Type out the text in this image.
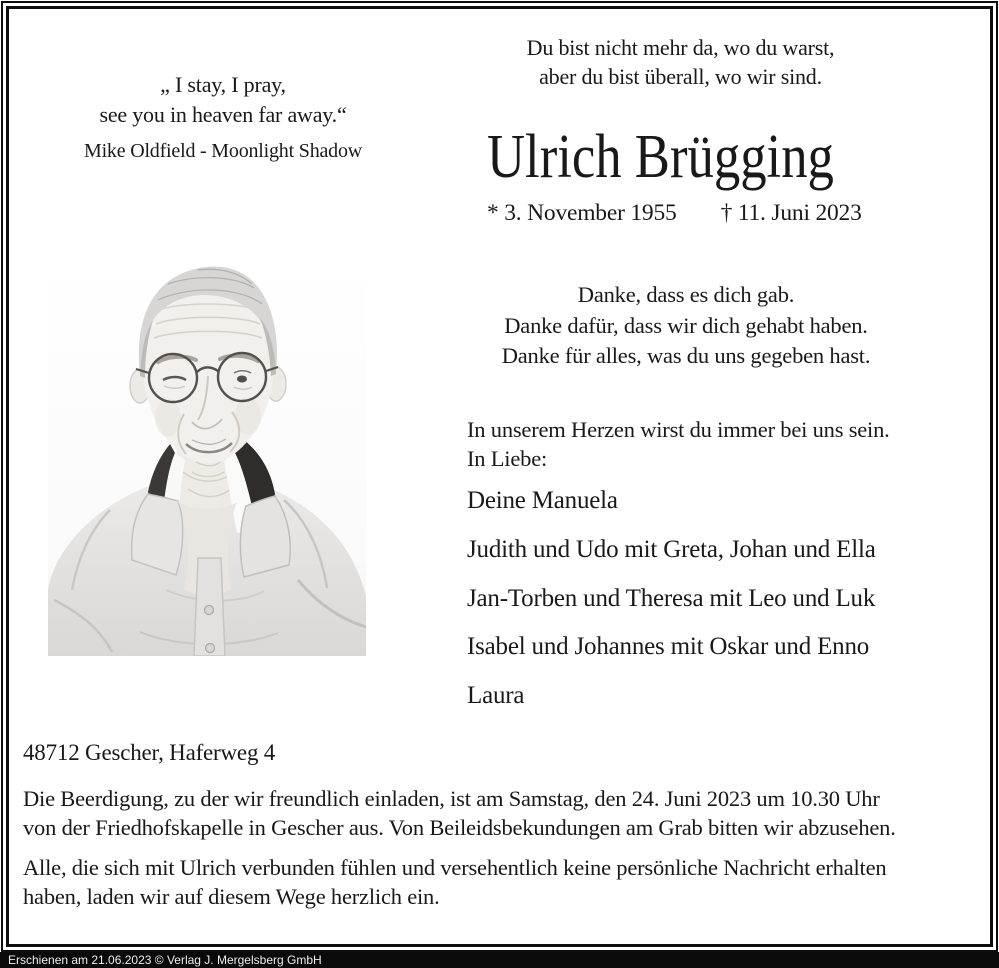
Du bist nicht mehr da, wo du warst,
aber du bist überall, wo wir sind.
„ I stay, I pray,
see you in heaven far away.“
Mike Oldfield - Moonlight Shadow	Ulrich Brügging
* 3. November 1955 † 11. Juni 2023
Danke, dass es dich gab.
Danke dafür, dass wir dich gehabt haben.
Danke für alles, was du uns gegeben hast.
In unserem Herzen wirst du immer bei uns sein.
In Liebe:
Deine Manuela
Judith und Udo mit Greta, Johan und Ella
Jan-Torben und Theresa mit Leo und Luk
Isabel und Johannes mit Oskar und Enno
Laura
48712 Gescher, Haferweg 4
Die Beerdigung, zu der wir freundlich einladen, ist am Samstag, den 24. Juni 2023 um 10.30 Uhr
von der Friedhofskapelle in Gescher aus. Von Beileidsbekundungen am Grab bitten wir abzusehen.
Alle, die sich mit Ulrich verbunden fühlen und versehentlich keine persönliche Nachricht erhalten
haben, laden wir auf diesem Wege herzlich ein.
Erschienen am 21.06.2023 © Verlag J. Mergelsberg GmbH
